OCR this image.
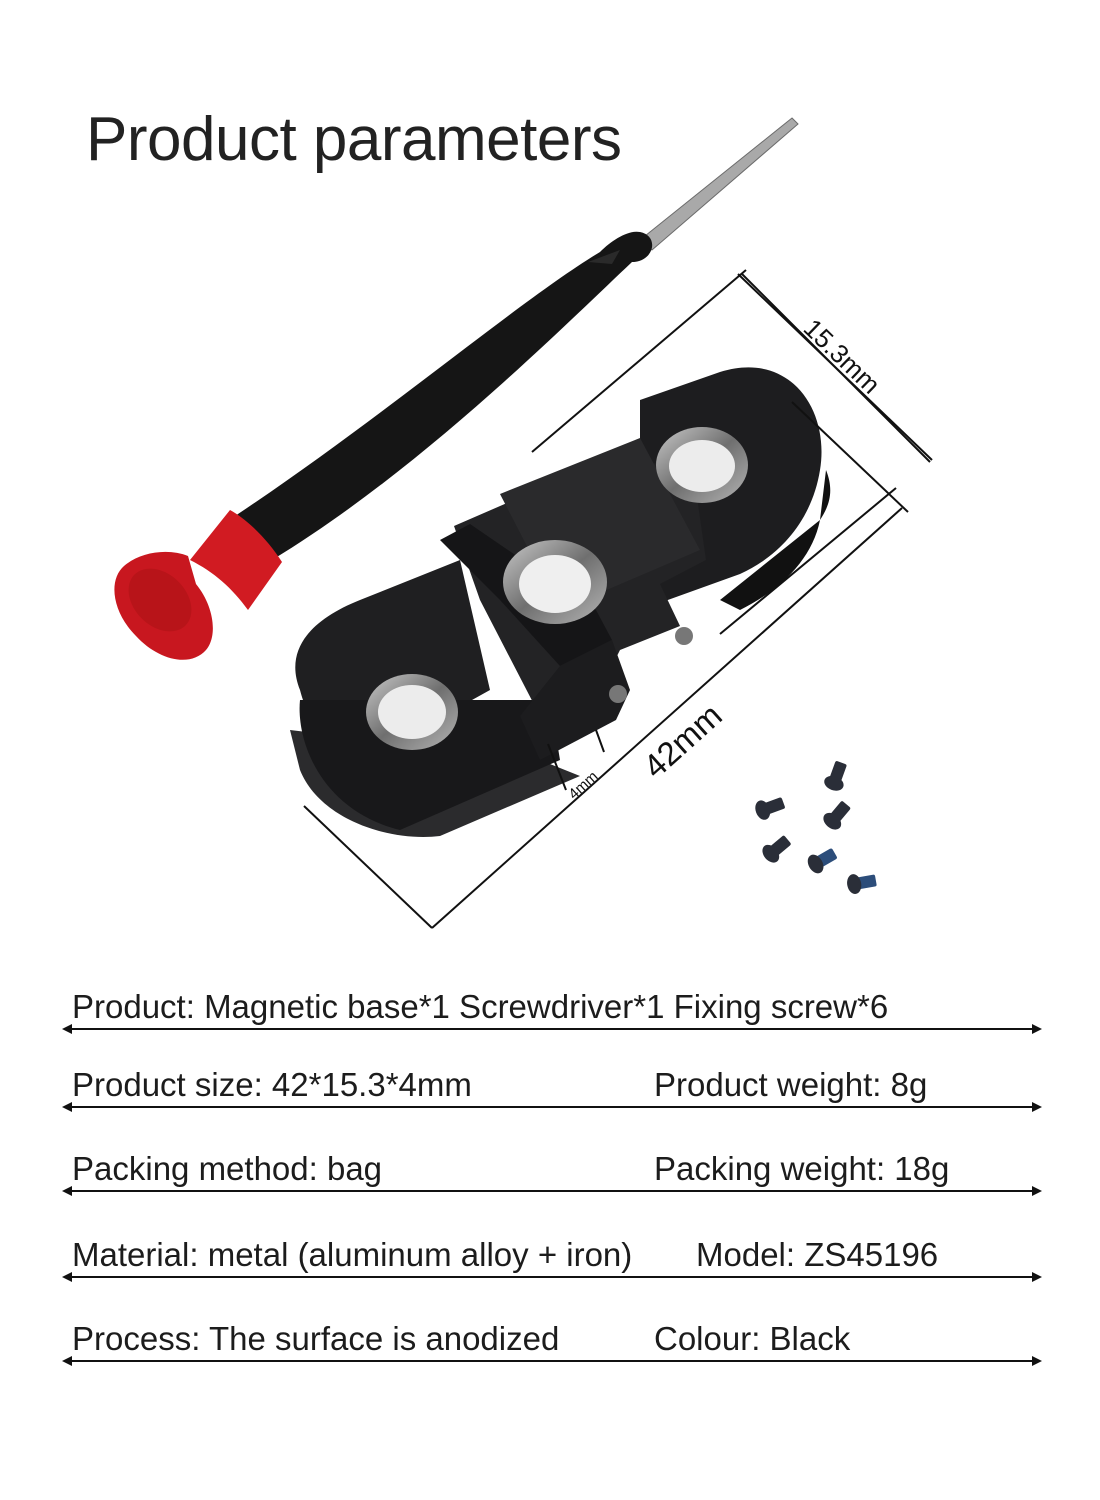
Product parameters
15.3mm
42mm
4mm
Product: Magnetic base*1 Screwdriver*1 Fixing screw*6
Product size: 42*15.3*4mm	Product weight: 8g
Packing method: bag	Packing weight: 18g
Material: metal (aluminum alloy + iron) Model: ZS45196
Process: The surface is anodized	Colour: Black
